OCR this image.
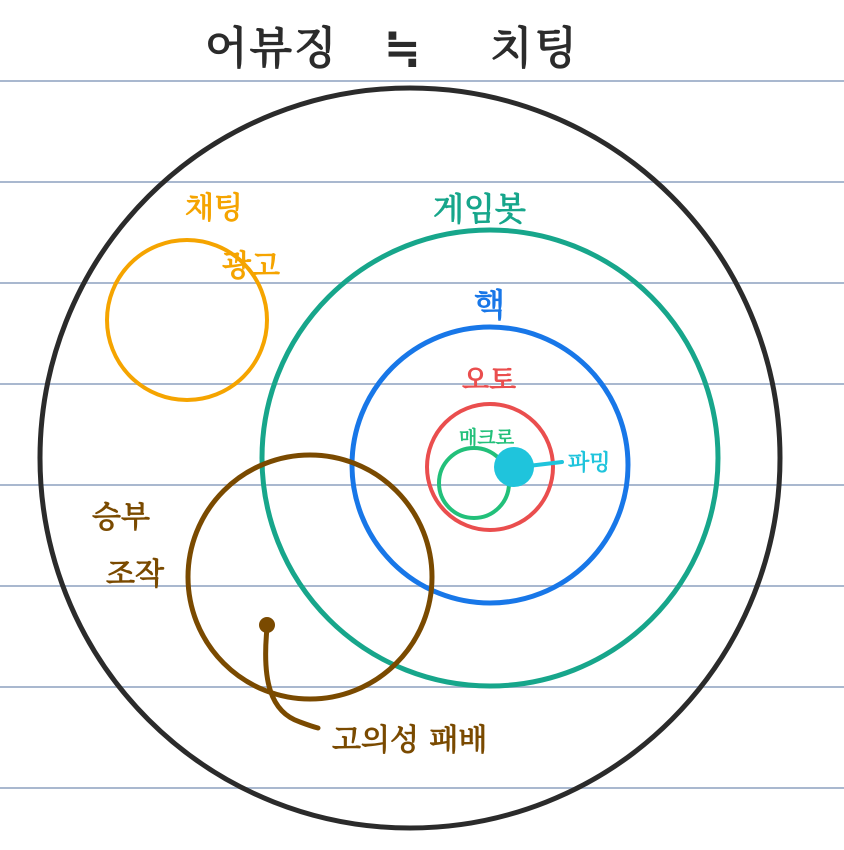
어뷰징 ≒ 치팅
채팅
광고
게임봇
핵
오토
매크로
파밍
승부
조작
고의성 패배
